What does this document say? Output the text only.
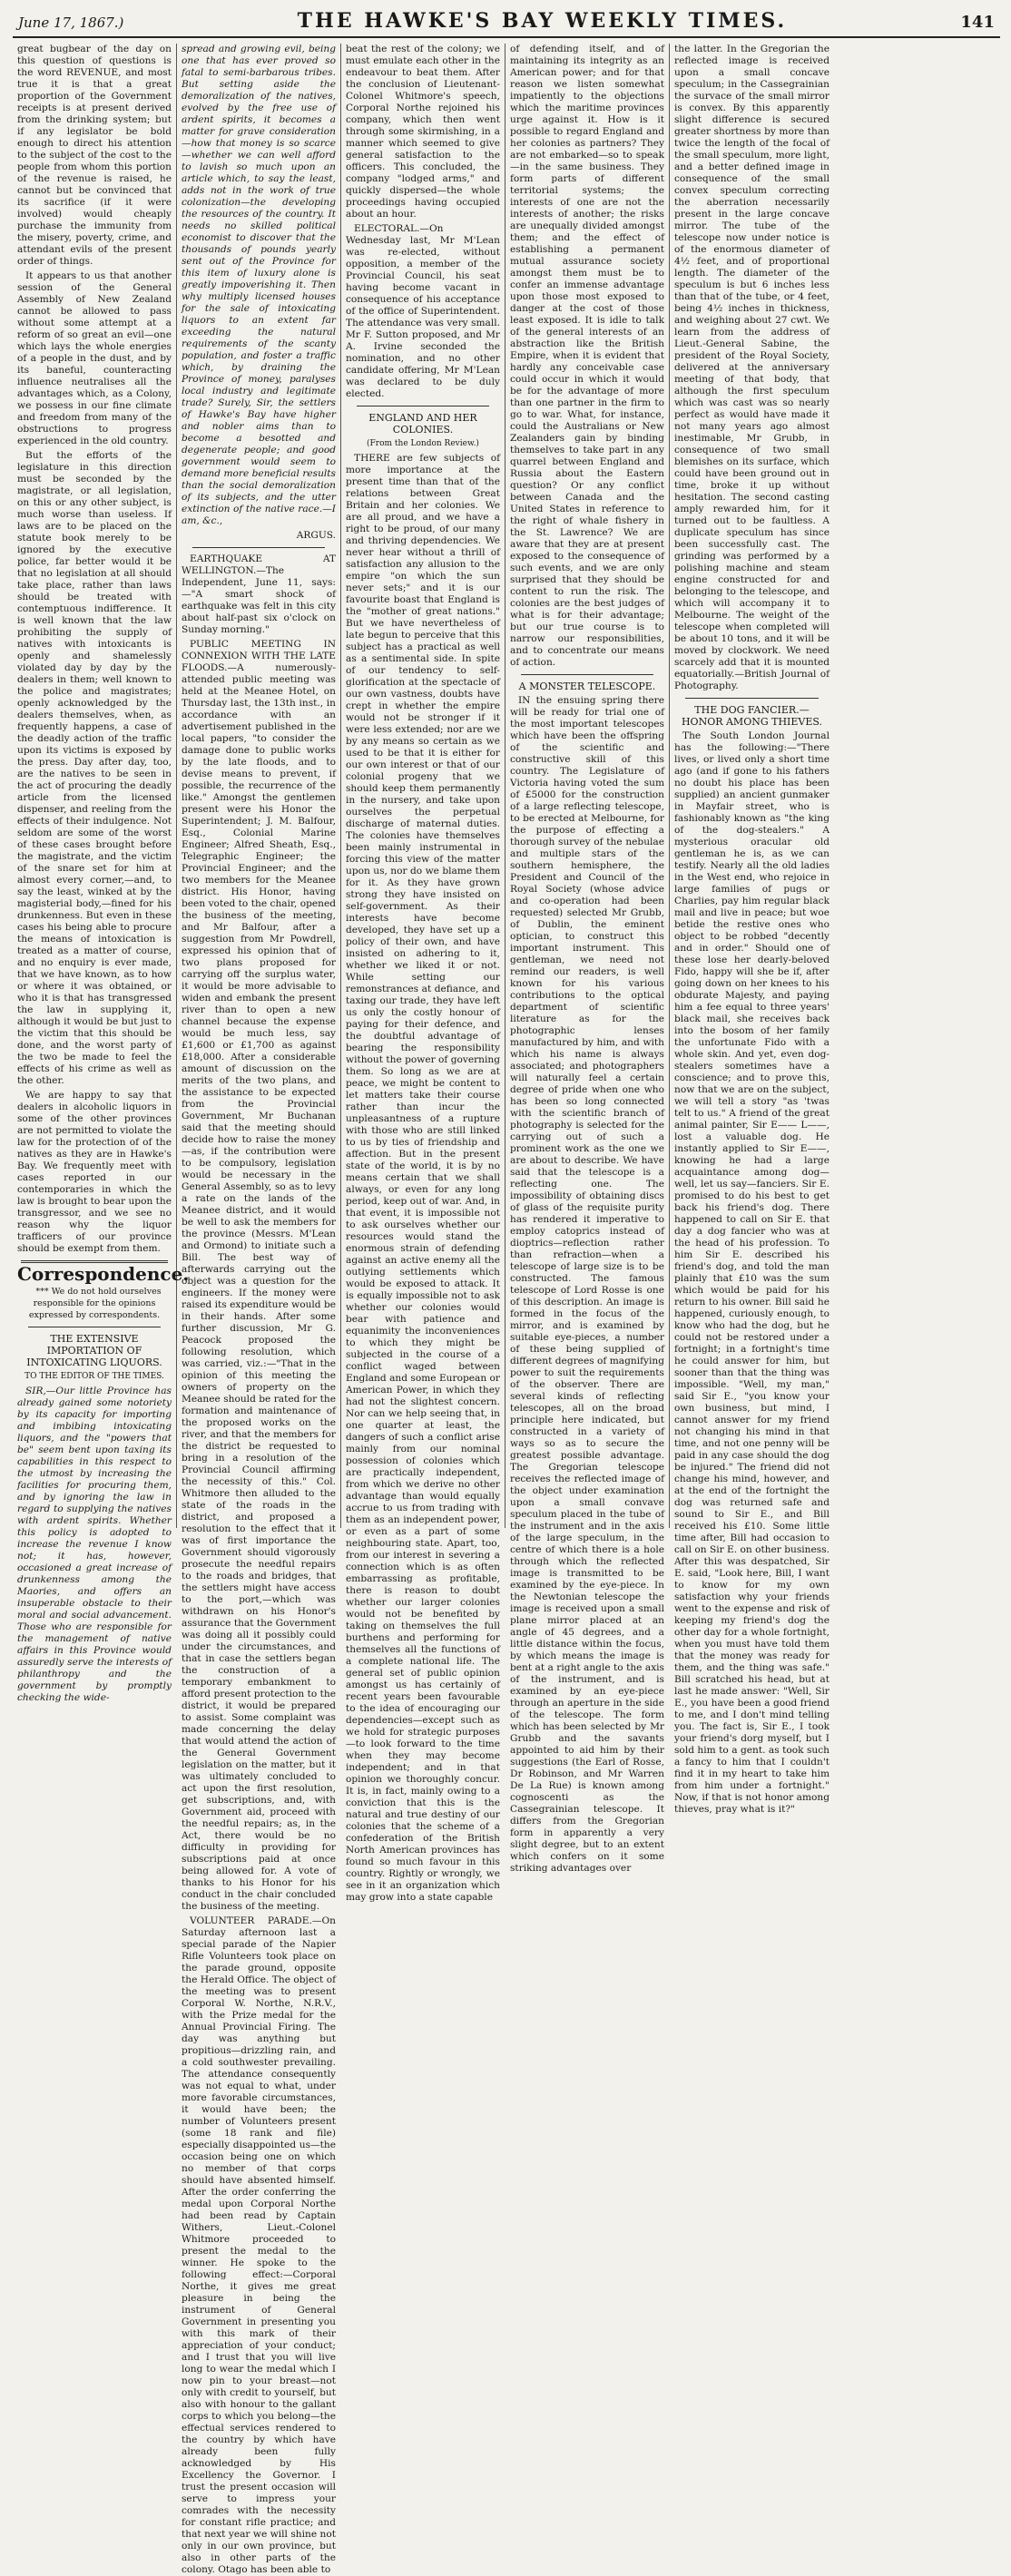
June 17, 1867.)	THE HAWKE'S BAY WEEKLY TIMES.	141

great bugbear of the day on this question of questions is the word REVENUE, and most true it is that a great proportion of the Government receipts is at present derived from the drinking system; but if any legislator be bold enough to direct his attention to the subject of the cost to the people from whom this portion of the revenue is raised, he cannot but be convinced that its sacrifice (if it were involved) would cheaply purchase the immunity from the misery, poverty, crime, and attendant evils of the present order of things.

It appears to us that another session of the General Assembly of New Zealand cannot be allowed to pass without some attempt at a reform of so great an evil—one which lays the whole energies of a people in the dust, and by its baneful, counteracting influence neutralises all the advantages which, as a Colony, we possess in our fine climate and freedom from many of the obstructions to progress experienced in the old country.

But the efforts of the legislature in this direction must be seconded by the magistrate, or all legislation, on this or any other subject, is much worse than useless. If laws are to be placed on the statute book merely to be ignored by the executive police, far better would it be that no legislation at all should take place, rather than laws should be treated with contemptuous indifference. It is well known that the law prohibiting the supply of natives with intoxicants is openly and shamelessly violated day by day by the dealers in them; well known to the police and magistrates; openly acknowledged by the dealers themselves, when, as frequently happens, a case of the deadly action of the traffic upon its victims is exposed by the press. Day after day, too, are the natives to be seen in the act of procuring the deadly article from the licensed dispenser, and reeling from the effects of their indulgence. Not seldom are some of the worst of these cases brought before the magistrate, and the victim of the snare set for him at almost every corner,—and, to say the least, winked at by the magisterial body,—fined for his drunkenness. But even in these cases his being able to procure the means of intoxication is treated as a matter of course, and no enquiry is ever made, that we have known, as to how or where it was obtained, or who it is that has transgressed the law in supplying it, although it would be but just to the victim that this should be done, and the worst party of the two be made to feel the effects of his crime as well as the other.

We are happy to say that dealers in alcoholic liquors in some of the other provinces are not permitted to violate the law for the protection of of the natives as they are in Hawke's Bay. We frequently meet with cases reported in our contemporaries in which the law is brought to bear upon the transgressor, and we see no reason why the liquor trafficers of our province should be exempt from them.

Correspondence.

*** We do not hold ourselves responsible for the opinions expressed by correspondents.

THE EXTENSIVE IMPORTATION OF INTOXICATING LIQUORS.

TO THE EDITOR OF THE TIMES.

SIR,—Our little Province has already gained some notoriety by its capacity for importing and imbibing intoxicating liquors, and the "powers that be" seem bent upon taxing its capabilities in this respect to the utmost by increasing the facilities for procuring them, and by ignoring the law in regard to supplying the natives with ardent spirits. Whether this policy is adopted to increase the revenue I know not; it has, however, occasioned a great increase of drunkenness among the Maories, and offers an insuperable obstacle to their moral and social advancement. Those who are responsible for the management of native affairs in this Province would assuredly serve the interests of philanthropy and the government by promptly checking the wide-

spread and growing evil, being one that has ever proved so fatal to semi-barbarous tribes. But setting aside the demoralization of the natives, evolved by the free use of ardent spirits, it becomes a matter for grave consideration—how that money is so scarce—whether we can well afford to lavish so much upon an article which, to say the least, adds not in the work of true colonization—the developing the resources of the country. It needs no skilled political economist to discover that the thousands of pounds yearly sent out of the Province for this item of luxury alone is greatly impoverishing it. Then why multiply licensed houses for the sale of intoxicating liquors to an extent far exceeding the natural requirements of the scanty population, and foster a traffic which, by draining the Province of money, paralyses local industry and legitimate trade? Surely, Sir, the settlers of Hawke's Bay have higher and nobler aims than to become a besotted and degenerate people; and good government would seem to demand more beneficial results than the social demoralization of its subjects, and the utter extinction of the native race.—I am, &c.,

ARGUS.

EARTHQUAKE AT WELLINGTON.—The Independent, June 11, says:—"A smart shock of earthquake was felt in this city about half-past six o'clock on Sunday morning."

PUBLIC MEETING IN CONNEXION WITH THE LATE FLOODS.—A numerously-attended public meeting was held at the Meanee Hotel, on Thursday last, the 13th inst., in accordance with an advertisement published in the local papers, "to consider the damage done to public works by the late floods, and to devise means to prevent, if possible, the recurrence of the like." Amongst the gentlemen present were his Honor the Superintendent; J. M. Balfour, Esq., Colonial Marine Engineer; Alfred Sheath, Esq., Telegraphic Engineer; the Provincial Engineer; and the two members for the Meanee district. His Honor, having been voted to the chair, opened the business of the meeting, and Mr Balfour, after a suggestion from Mr Powdrell, expressed his opinion that of two plans proposed for carrying off the surplus water, it would be more advisable to widen and embank the present river than to open a new channel because the expense would be much less, say £1,600 or £1,700 as against £18,000. After a considerable amount of discussion on the merits of the two plans, and the assistance to be expected from the Provincial Government, Mr Buchanan said that the meeting should decide how to raise the money—as, if the contribution were to be compulsory, legislation would be necessary in the General Assembly, so as to levy a rate on the lands of the Meanee district, and it would be well to ask the members for the province (Messrs. M'Lean and Ormond) to initiate such a Bill. The best way of afterwards carrying out the object was a question for the engineers. If the money were raised its expenditure would be in their hands. After some further discussion, Mr G. Peacock proposed the following resolution, which was carried, viz.:—"That in the opinion of this meeting the owners of property on the Meanee should be rated for the formation and maintenance of the proposed works on the river, and that the members for the district be requested to bring in a resolution of the Provincial Council affirming the necessity of this." Col. Whitmore then alluded to the state of the roads in the district, and proposed a resolution to the effect that it was of first importance the Government should vigorously prosecute the needful repairs to the roads and bridges, that the settlers might have access to the port,—which was withdrawn on his Honor's assurance that the Government was doing all it possibly could under the circumstances, and that in case the settlers began the construction of a temporary embankment to afford present protection to the district, it would be prepared to assist. Some complaint was made concerning the delay that would attend the action of the General Government legislation on the matter, but it was ultimately concluded to act upon the first resolution, get subscriptions, and, with Government aid, proceed with the needful repairs; as, in the Act, there would be no difficulty in providing for subscriptions paid at once being allowed for. A vote of thanks to his Honor for his conduct in the chair concluded the business of the meeting.

VOLUNTEER PARADE.—On Saturday afternoon last a special parade of the Napier Rifle Volunteers took place on the parade ground, opposite the Herald Office. The object of the meeting was to present Corporal W. Northe, N.R.V., with the Prize medal for the Annual Provincial Firing. The day was anything but propitious—drizzling rain, and a cold southwester prevailing. The attendance consequently was not equal to what, under more favorable circumstances, it would have been; the number of Volunteers present (some 18 rank and file) especially disappointed us—the occasion being one on which no member of that corps should have absented himself. After the order conferring the medal upon Corporal Northe had been read by Captain Withers, Lieut.-Colonel Whitmore proceeded to present the medal to the winner. He spoke to the following effect:—Corporal Northe, it gives me great pleasure in being the instrument of General Government in presenting you with this mark of their appreciation of your conduct; and I trust that you will live long to wear the medal which I now pin to your breast—not only with credit to yourself, but also with honour to the gallant corps to which you belong—the effectual services rendered to the country by which have already been fully acknowledged by His Excellency the Governor. I trust the present occasion will serve to impress your comrades with the necessity for constant rifle practice; and that next year we will shine not only in our own province, but also in other parts of the colony. Otago has been able to

beat the rest of the colony; we must emulate each other in the endeavour to beat them. After the conclusion of Lieutenant-Colonel Whitmore's speech, Corporal Northe rejoined his company, which then went through some skirmishing, in a manner which seemed to give general satisfaction to the officers. This concluded, the company "lodged arms," and quickly dispersed—the whole proceedings having occupied about an hour.

ELECTORAL.—On Wednesday last, Mr M'Lean was re-elected, without opposition, a member of the Provincial Council, his seat having become vacant in consequence of his acceptance of the office of Superintendent. The attendance was very small. Mr F. Sutton proposed, and Mr A. Irvine seconded the nomination, and no other candidate offering, Mr M'Lean was declared to be duly elected.

ENGLAND AND HER COLONIES.

(From the London Review.)

THERE are few subjects of more importance at the present time than that of the relations between Great Britain and her colonies. We are all proud, and we have a right to be proud, of our many and thriving dependencies. We never hear without a thrill of satisfaction any allusion to the empire "on which the sun never sets;" and it is our favourite boast that England is the "mother of great nations." But we have nevertheless of late begun to perceive that this subject has a practical as well as a sentimental side. In spite of our tendency to self-glorification at the spectacle of our own vastness, doubts have crept in whether the empire would not be stronger if it were less extended; nor are we by any means so certain as we used to be that it is either for our own interest or that of our colonial progeny that we should keep them permanently in the nursery, and take upon ourselves the perpetual discharge of maternal duties. The colonies have themselves been mainly instrumental in forcing this view of the matter upon us, nor do we blame them for it. As they have grown strong they have insisted on self-government. As their interests have become developed, they have set up a policy of their own, and have insisted on adhering to it, whether we liked it or not. While setting our remonstrances at defiance, and taxing our trade, they have left us only the costly honour of paying for their defence, and the doubtful advantage of bearing the responsibility without the power of governing them. So long as we are at peace, we might be content to let matters take their course rather than incur the unpleasantness of a rupture with those who are still linked to us by ties of friendship and affection. But in the present state of the world, it is by no means certain that we shall always, or even for any long period, keep out of war. And, in that event, it is impossible not to ask ourselves whether our resources would stand the enormous strain of defending against an active enemy all the outlying settlements which would be exposed to attack. It is equally impossible not to ask whether our colonies would bear with patience and equanimity the inconveniences to which they might be subjected in the course of a conflict waged between England and some European or American Power, in which they had not the slightest concern. Nor can we help seeing that, in one quarter at least, the dangers of such a conflict arise mainly from our nominal possession of colonies which are practically independent, from which we derive no other advantage than would equally accrue to us from trading with them as an independent power, or even as a part of some neighbouring state. Apart, too, from our interest in severing a connection which is as often embarrassing as profitable, there is reason to doubt whether our larger colonies would not be benefited by taking on themselves the full burthens and performing for themselves all the functions of a complete national life. The general set of public opinion amongst us has certainly of recent years been favourable to the idea of encouraging our dependencies—except such as we hold for strategic purposes—to look forward to the time when they may become independent; and in that opinion we thoroughly concur. It is, in fact, mainly owing to a conviction that this is the natural and true destiny of our colonies that the scheme of a confederation of the British North American provinces has found so much favour in this country. Rightly or wrongly, we see in it an organization which may grow into a state capable

of defending itself, and of maintaining its integrity as an American power; and for that reason we listen somewhat impatiently to the objections which the maritime provinces urge against it. How is it possible to regard England and her colonies as partners? They are not embarked—so to speak—in the same business. They form parts of different territorial systems; the interests of one are not the interests of another; the risks are unequally divided amongst them; and the effect of establishing a permanent mutual assurance society amongst them must be to confer an immense advantage upon those most exposed to danger at the cost of those least exposed. It is idle to talk of the general interests of an abstraction like the British Empire, when it is evident that hardly any conceivable case could occur in which it would be for the advantage of more than one partner in the firm to go to war. What, for instance, could the Australians or New Zealanders gain by binding themselves to take part in any quarrel between England and Russia about the Eastern question? Or any conflict between Canada and the United States in reference to the right of whale fishery in the St. Lawrence? We are aware that they are at present exposed to the consequence of such events, and we are only surprised that they should be content to run the risk. The colonies are the best judges of what is for their advantage; but our true course is to narrow our responsibilities, and to concentrate our means of action.

A MONSTER TELESCOPE.

IN the ensuing spring there will be ready for trial one of the most important telescopes which have been the offspring of the scientific and constructive skill of this country. The Legislature of Victoria having voted the sum of £5000 for the construction of a large reflecting telescope, to be erected at Melbourne, for the purpose of effecting a thorough survey of the nebulae and multiple stars of the southern hemisphere, the President and Council of the Royal Society (whose advice and co-operation had been requested) selected Mr Grubb, of Dublin, the eminent optician, to construct this important instrument. This gentleman, we need not remind our readers, is well known for his various contributions to the optical department of scientific literature as for the photographic lenses manufactured by him, and with which his name is always associated; and photographers will naturally feel a certain degree of pride when one who has been so long connected with the scientific branch of photography is selected for the carrying out of such a prominent work as the one we are about to describe. We have said that the telescope is a reflecting one. The impossibility of obtaining discs of glass of the requisite purity has rendered it imperative to employ catoprics instead of dioptrics—reflection rather than refraction—when a telescope of large size is to be constructed. The famous telescope of Lord Rosse is one of this description. An image is formed in the focus of the mirror, and is examined by suitable eye-pieces, a number of these being supplied of different degrees of magnifying power to suit the requirements of the observer. There are several kinds of reflecting telescopes, all on the broad principle here indicated, but constructed in a variety of ways so as to secure the greatest possible advantage. The Gregorian telescope receives the reflected image of the object under examination upon a small convave speculum placed in the tube of the instrument and in the axis of the large speculum, in the centre of which there is a hole through which the reflected image is transmitted to be examined by the eye-piece. In the Newtonian telescope the image is received upon a small plane mirror placed at an angle of 45 degrees, and a little distance within the focus, by which means the image is bent at a right angle to the axis of the instrument, and is examined by an eye-piece through an aperture in the side of the telescope. The form which has been selected by Mr Grubb and the savants appointed to aid him by their suggestions (the Earl of Rosse, Dr Robinson, and Mr Warren De La Rue) is known among cognoscenti as the Cassegrainian telescope. It differs from the Gregorian form in apparently a very slight degree, but to an extent which confers on it some striking advantages over

the latter. In the Gregorian the reflected image is received upon a small concave speculum; in the Cassegrainian the survace of the small mirror is convex. By this apparently slight difference is secured greater shortness by more than twice the length of the focal of the small speculum, more light, and a better defined image in consequence of the small convex speculum correcting the aberration necessarily present in the large concave mirror. The tube of the telescope now under notice is of the enormous diameter of 4½ feet, and of proportional length. The diameter of the speculum is but 6 inches less than that of the tube, or 4 feet, being 4½ inches in thickness, and weighing about 27 cwt. We learn from the address of Lieut.-General Sabine, the president of the Royal Society, delivered at the anniversary meeting of that body, that although the first speculum which was cast was so nearly perfect as would have made it not many years ago almost inestimable, Mr Grubb, in consequence of two small blemishes on its surface, which could have been ground out in time, broke it up without hesitation. The second casting amply rewarded him, for it turned out to be faultless. A duplicate speculum has since been successfully cast. The grinding was performed by a polishing machine and steam engine constructed for and belonging to the telescope, and which will accompany it to Melbourne. The weight of the telescope when completed will be about 10 tons, and it will be moved by clockwork. We need scarcely add that it is mounted equatorially.—British Journal of Photography.

THE DOG FANCIER.—HONOR AMONG THIEVES.

The South London Journal has the following:—"There lives, or lived only a short time ago (and if gone to his fathers no doubt his place has been supplied) an ancient gunmaker in Mayfair street, who is fashionably known as "the king of the dog-stealers." A mysterious oracular old gentleman he is, as we can testify. Nearly all the old ladies in the West end, who rejoice in large families of pugs or Charlies, pay him regular black mail and live in peace; but woe betide the restive ones who object to be robbed "decently and in order." Should one of these lose her dearly-beloved Fido, happy will she be if, after going down on her knees to his obdurate Majesty, and paying him a fee equal to three years' black mail, she receives back into the bosom of her family the unfortunate Fido with a whole skin. And yet, even dog-stealers sometimes have a conscience; and to prove this, now that we are on the subject, we will tell a story "as 'twas telt to us." A friend of the great animal painter, Sir E—— L——, lost a valuable dog. He instantly applied to Sir E——, knowing he had a large acquaintance among dog—well, let us say—fanciers. Sir E. promised to do his best to get back his friend's dog. There happened to call on Sir E. that day a dog fancier who was at the head of his profession. To him Sir E. described his friend's dog, and told the man plainly that £10 was the sum which would be paid for his return to his owner. Bill said he happened, curiously enough, to know who had the dog, but he could not be restored under a fortnight; in a fortnight's time he could answer for him, but sooner than that the thing was impossible. "Well, my man," said Sir E., "you know your own business, but mind, I cannot answer for my friend not changing his mind in that time, and not one penny will be paid in any case should the dog be injured." The friend did not change his mind, however, and at the end of the fortnight the dog was returned safe and sound to Sir E., and Bill received his £10. Some little time after, Bill had occasion to call on Sir E. on other business. After this was despatched, Sir E. said, "Look here, Bill, I want to know for my own satisfaction why your friends went to the expense and risk of keeping my friend's dog the other day for a whole fortnight, when you must have told them that the money was ready for them, and the thing was safe." Bill scratched his head, but at last he made answer: "Well, Sir E., you have been a good friend to me, and I don't mind telling you. The fact is, Sir E., I took your friend's dorg myself, but I sold him to a gent. as took such a fancy to him that I couldn't find it in my heart to take him from him under a fortnight." Now, if that is not honor among thieves, pray what is it?"
